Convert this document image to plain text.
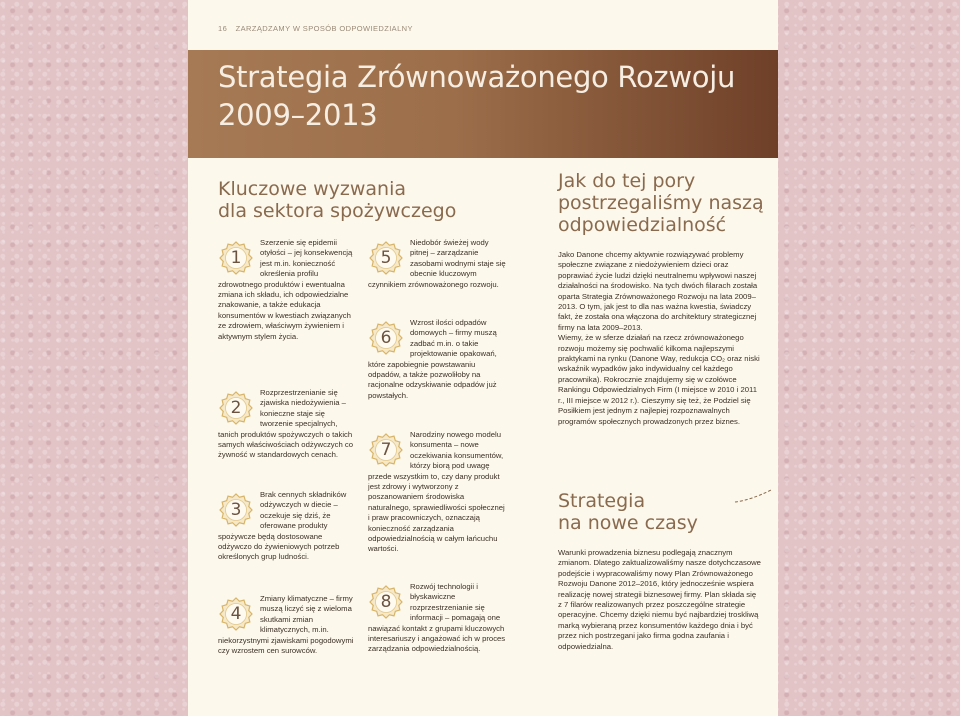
16 ZARZĄDZAMY W SPOSÓB ODPOWIEDZIALNY
Strategia Zrównoważonego Rozwoju
2009–2013
Kluczowe wyzwania
dla sektora spożywczego
1
Szerzenie się epidemii otyłości – jej konsekwencją jest m.in. konieczność określenia profilu zdrowotnego produktów i ewentualna zmiana ich składu, ich odpowiedzialne znakowanie, a także edukacja konsumentów w kwestiach związanych ze zdrowiem, właściwym żywieniem i aktywnym stylem życia.
2
Rozprzestrzenianie się zjawiska niedożywienia – konieczne staje się tworzenie specjalnych, tanich produktów spożywczych o takich samych właściwościach odżywczych co żywność w standardowych cenach.
3
Brak cennych składników odżywczych w diecie – oczekuje się dziś, że oferowane produkty spożywcze będą dostosowane odżywczo do żywieniowych potrzeb określonych grup ludności.
4
Zmiany klimatyczne – firmy muszą liczyć się z wieloma skutkami zmian klimatycznych, m.in. niekorzystnymi zjawiskami pogodowymi czy wzrostem cen surowców.
5
Niedobór świeżej wody pitnej – zarządzanie zasobami wodnymi staje się obecnie kluczowym czynnikiem zrównoważonego rozwoju.
6
Wzrost ilości odpadów domowych – firmy muszą zadbać m.in. o takie projektowanie opakowań, które zapobiegnie powstawaniu odpadów, a także pozwoliłoby na racjonalne odzyskiwanie odpadów już powstałych.
7
Narodziny nowego modelu konsumenta – nowe oczekiwania konsumentów, którzy biorą pod uwagę przede wszystkim to, czy dany produkt jest zdrowy i wytworzony z poszanowaniem środowiska naturalnego, sprawiedliwości społecznej i praw pracowniczych, oznaczają konieczność zarządzania odpowiedzialnością w całym łańcuchu wartości.
8
Rozwój technologii i błyskawiczne rozprzestrzenianie się informacji – pomagają one nawiązać kontakt z grupami kluczowych interesariuszy i angażować ich w proces zarządzania odpowiedzialnością.
Jak do tej pory
postrzegaliśmy naszą
odpowiedzialność

Jako Danone chcemy aktywnie rozwiązywać problemy społeczne związane z niedożywieniem dzieci oraz poprawiać życie ludzi dzięki neutralnemu wpływowi naszej działalności na środowisko. Na tych dwóch filarach została oparta Strategia Zrównoważonego Rozwoju na lata 2009–2013. O tym, jak jest to dla nas ważna kwestia, świadczy fakt, że została ona włączona do architektury strategicznej firmy na lata 2009–2013.

Wiemy, że w sferze działań na rzecz zrównoważonego rozwoju możemy się pochwalić kilkoma najlepszymi praktykami na rynku (Danone Way, redukcja CO₂ oraz niski wskaźnik wypadków jako indywidualny cel każdego pracownika). Rokrocznie znajdujemy się w czołówce Rankingu Odpowiedzialnych Firm (I miejsce w 2010 i 2011 r., III miejsce w 2012 r.). Cieszymy się też, że Podziel się Posiłkiem jest jednym z najlepiej rozpoznawalnych programów społecznych prowadzonych przez biznes.

Strategia
na nowe czasy

Warunki prowadzenia biznesu podlegają znacznym zmianom. Dlatego zaktualizowaliśmy nasze dotychczasowe podejście i wypracowaliśmy nowy Plan Zrównoważonego Rozwoju Danone 2012–2016, który jednocześnie wspiera realizację nowej strategii biznesowej firmy. Plan składa się z 7 filarów realizowanych przez poszczególne strategie operacyjne. Chcemy dzięki niemu być najbardziej troskliwą marką wybieraną przez konsumentów każdego dnia i być przez nich postrzegani jako firma godna zaufania i odpowiedzialna.
